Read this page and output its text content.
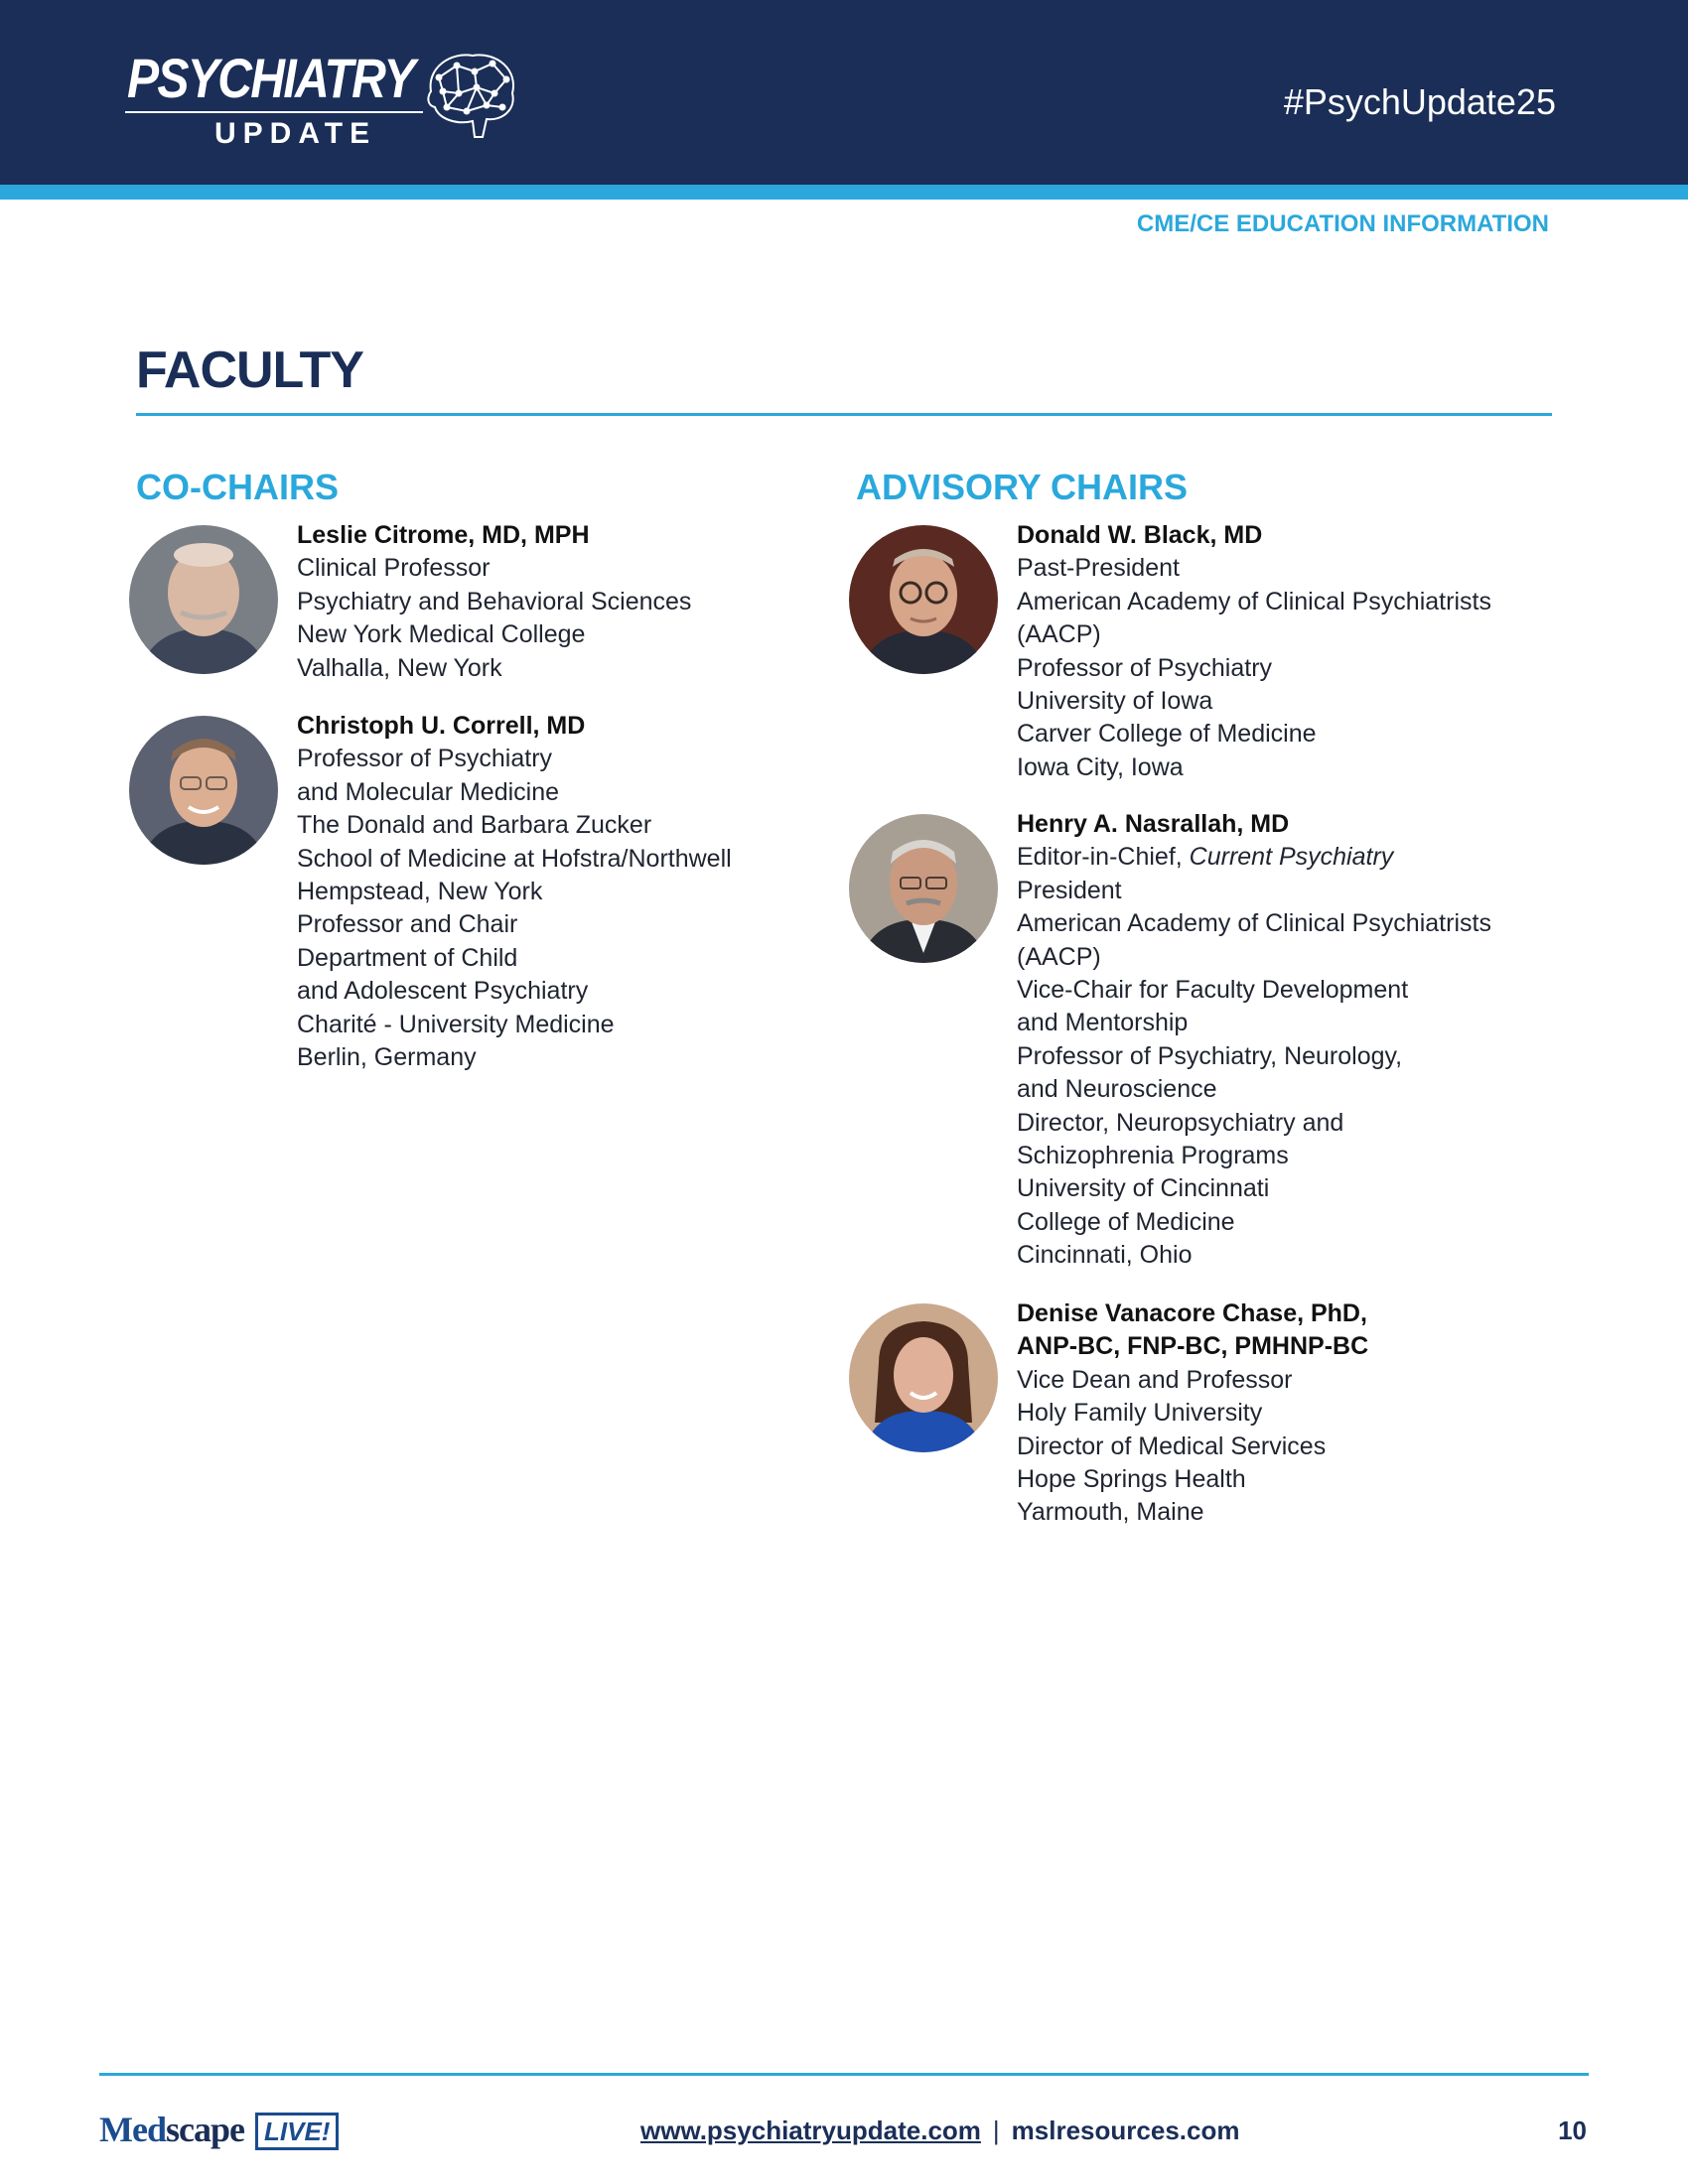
PSYCHIATRY
UPDATE
#PsychUpdate25
CME/CE EDUCATION INFORMATION
FACULTY
CO-CHAIRS
Leslie Citrome, MD, MPH
Clinical Professor
Psychiatry and Behavioral Sciences
New York Medical College
Valhalla, New York
Christoph U. Correll, MD
Professor of Psychiatry
and Molecular Medicine
The Donald and Barbara Zucker
School of Medicine at Hofstra/Northwell
Hempstead, New York
Professor and Chair
Department of Child
and Adolescent Psychiatry
Charité - University Medicine
Berlin, Germany
ADVISORY CHAIRS
Donald W. Black, MD
Past-President
American Academy of Clinical Psychiatrists
(AACP)
Professor of Psychiatry
University of Iowa
Carver College of Medicine
Iowa City, Iowa
Henry A. Nasrallah, MD
Editor-in-Chief, Current Psychiatry
President
American Academy of Clinical Psychiatrists
(AACP)
Vice-Chair for Faculty Development
and Mentorship
Professor of Psychiatry, Neurology,
and Neuroscience
Director, Neuropsychiatry and
Schizophrenia Programs
University of Cincinnati
College of Medicine
Cincinnati, Ohio
Denise Vanacore Chase, PhD,
ANP-BC, FNP-BC, PMHNP-BC
Vice Dean and Professor
Holy Family University
Director of Medical Services
Hope Springs Health
Yarmouth, Maine
Medscape LIVE!	www.psychiatryupdate.com | mslresources.com	10
